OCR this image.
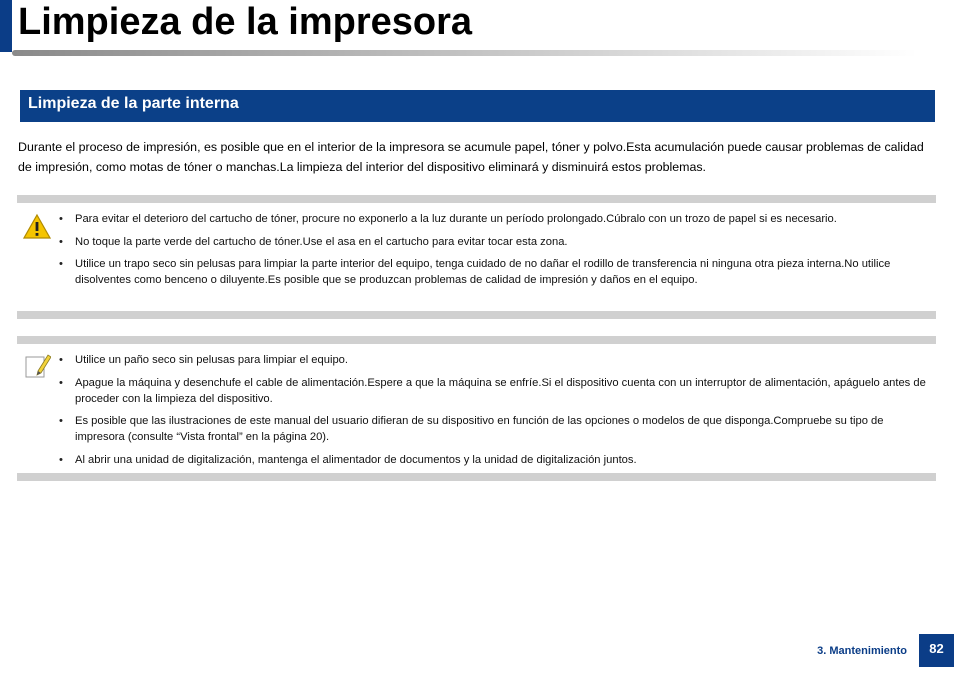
Limpieza de la impresora
Limpieza de la parte interna

Durante el proceso de impresión, es posible que en el interior de la impresora se acumule papel, tóner y polvo.Esta acumulación puede causar problemas de calidad de impresión, como motas de tóner o manchas.La limpieza del interior del dispositivo eliminará y disminuirá estos problemas.

• Para evitar el deterioro del cartucho de tóner, procure no exponerlo a la luz durante un período prolongado.Cúbralo con un trozo de papel si es necesario.
• No toque la parte verde del cartucho de tóner.Use el asa en el cartucho para evitar tocar esta zona.
• Utilice un trapo seco sin pelusas para limpiar la parte interior del equipo, tenga cuidado de no dañar el rodillo de transferencia ni ninguna otra pieza interna.No utilice disolventes como benceno o diluyente.Es posible que se produzcan problemas de calidad de impresión y daños en el equipo.
• Utilice un paño seco sin pelusas para limpiar el equipo.
• Apague la máquina y desenchufe el cable de alimentación.Espere a que la máquina se enfríe.Si el dispositivo cuenta con un interruptor de alimentación, apáguelo antes de proceder con la limpieza del dispositivo.
• Es posible que las ilustraciones de este manual del usuario difieran de su dispositivo en función de las opciones o modelos de que disponga.Compruebe su tipo de impresora (consulte “Vista frontal” en la página 20).
• Al abrir una unidad de digitalización, mantenga el alimentador de documentos y la unidad de digitalización juntos.
3. Mantenimiento	82
